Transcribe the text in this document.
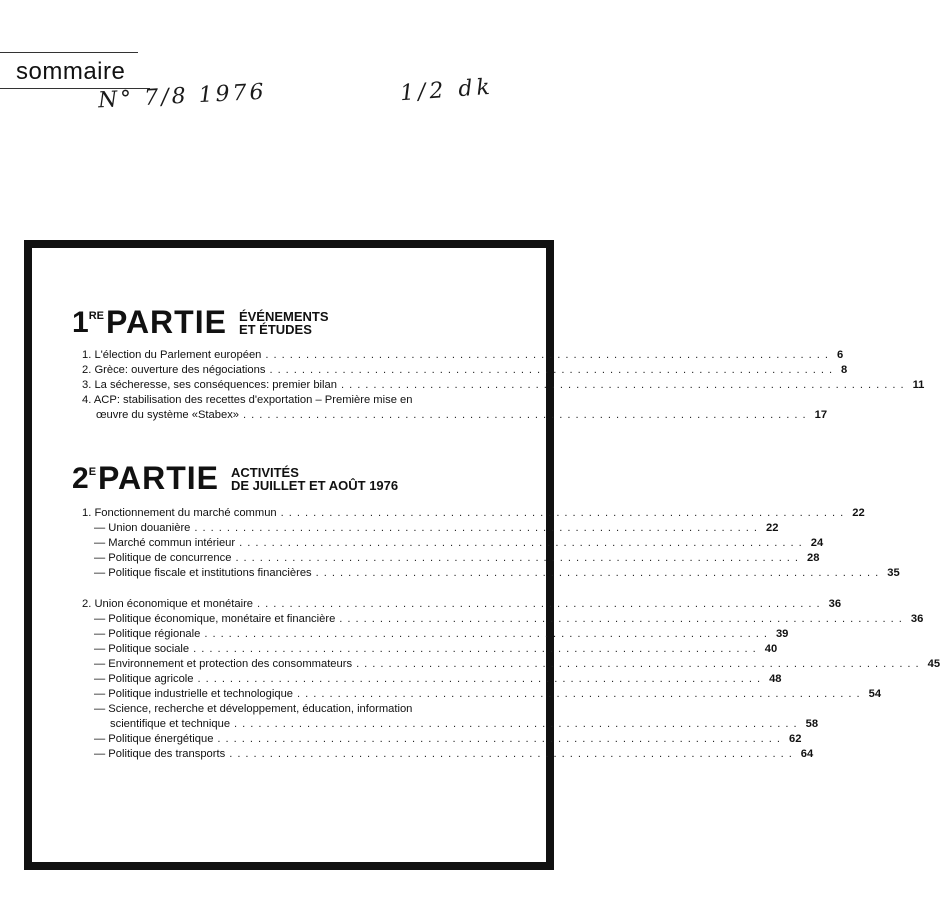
sommaire
N° 7/8 1976	1/2 dk
1 RE PARTIE ÉVÉNEMENTS
ET ÉTUDES
1. L'élection du Parlement européen ...................................................................... 6
2. Grèce: ouverture des négociations ...................................................................... 8
3. La sécheresse, ses conséquences: premier bilan ...................................................................... 11
4. ACP: stabilisation des recettes d'exportation – Première mise en
œuvre du système «Stabex» ...................................................................... 17
2 E PARTIE ACTIVITÉS
DE JUILLET ET AOÛT 1976
1. Fonctionnement du marché commun ...................................................................... 22
— Union douanière ...................................................................... 22
— Marché commun intérieur ...................................................................... 24
— Politique de concurrence ...................................................................... 28
— Politique fiscale et institutions financières ...................................................................... 35
2. Union économique et monétaire ...................................................................... 36
— Politique économique, monétaire et financière ...................................................................... 36
— Politique régionale ...................................................................... 39
— Politique sociale ...................................................................... 40
— Environnement et protection des consommateurs ...................................................................... 45
— Politique agricole ...................................................................... 48
— Politique industrielle et technologique ...................................................................... 54
— Science, recherche et développement, éducation, information
scientifique et technique ...................................................................... 58
— Politique énergétique ...................................................................... 62
— Politique des transports ...................................................................... 64
